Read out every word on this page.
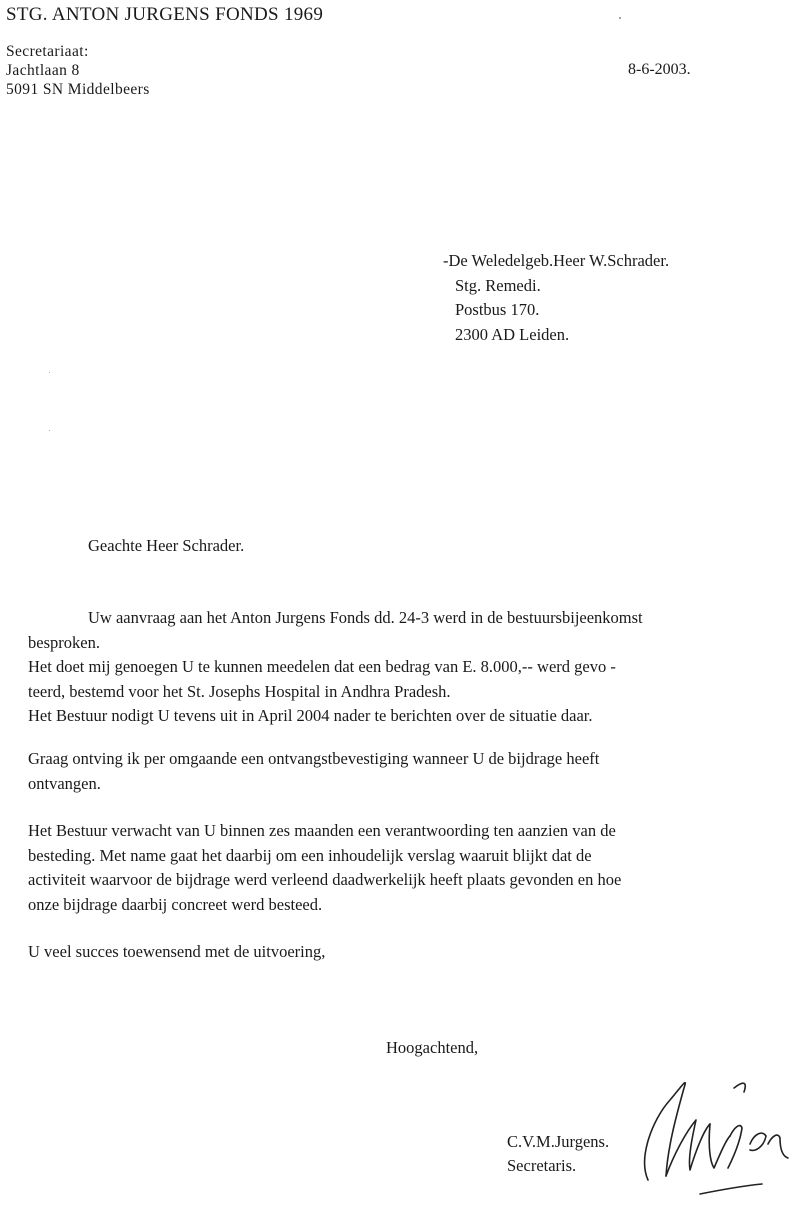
STG. ANTON JURGENS FONDS 1969
Secretariaat:
Jachtlaan 8
5091 SN Middelbeers
8-6-2003.
-De Weledelgeb.Heer W.Schrader.
Stg. Remedi.
Postbus 170.
2300 AD Leiden.
Geachte Heer Schrader.
Uw aanvraag aan het Anton Jurgens Fonds dd. 24-3 werd in de bestuursbijeenkomst
besproken.
Het doet mij genoegen U te kunnen meedelen dat een bedrag van E. 8.000,-- werd gevo -
teerd, bestemd voor het St. Josephs Hospital in Andhra Pradesh.
Het Bestuur nodigt U tevens uit in April 2004 nader te berichten over de situatie daar.
Graag ontving ik per omgaande een ontvangstbevestiging wanneer U de bijdrage heeft
ontvangen.
Het Bestuur verwacht van U binnen zes maanden een verantwoording ten aanzien van de
besteding. Met name gaat het daarbij om een inhoudelijk verslag waaruit blijkt dat de
activiteit waarvoor de bijdrage werd verleend daadwerkelijk heeft plaats gevonden en hoe
onze bijdrage daarbij concreet werd besteed.
U veel succes toewensend met de uitvoering,
Hoogachtend,
C.V.M.Jurgens.
Secretaris.
